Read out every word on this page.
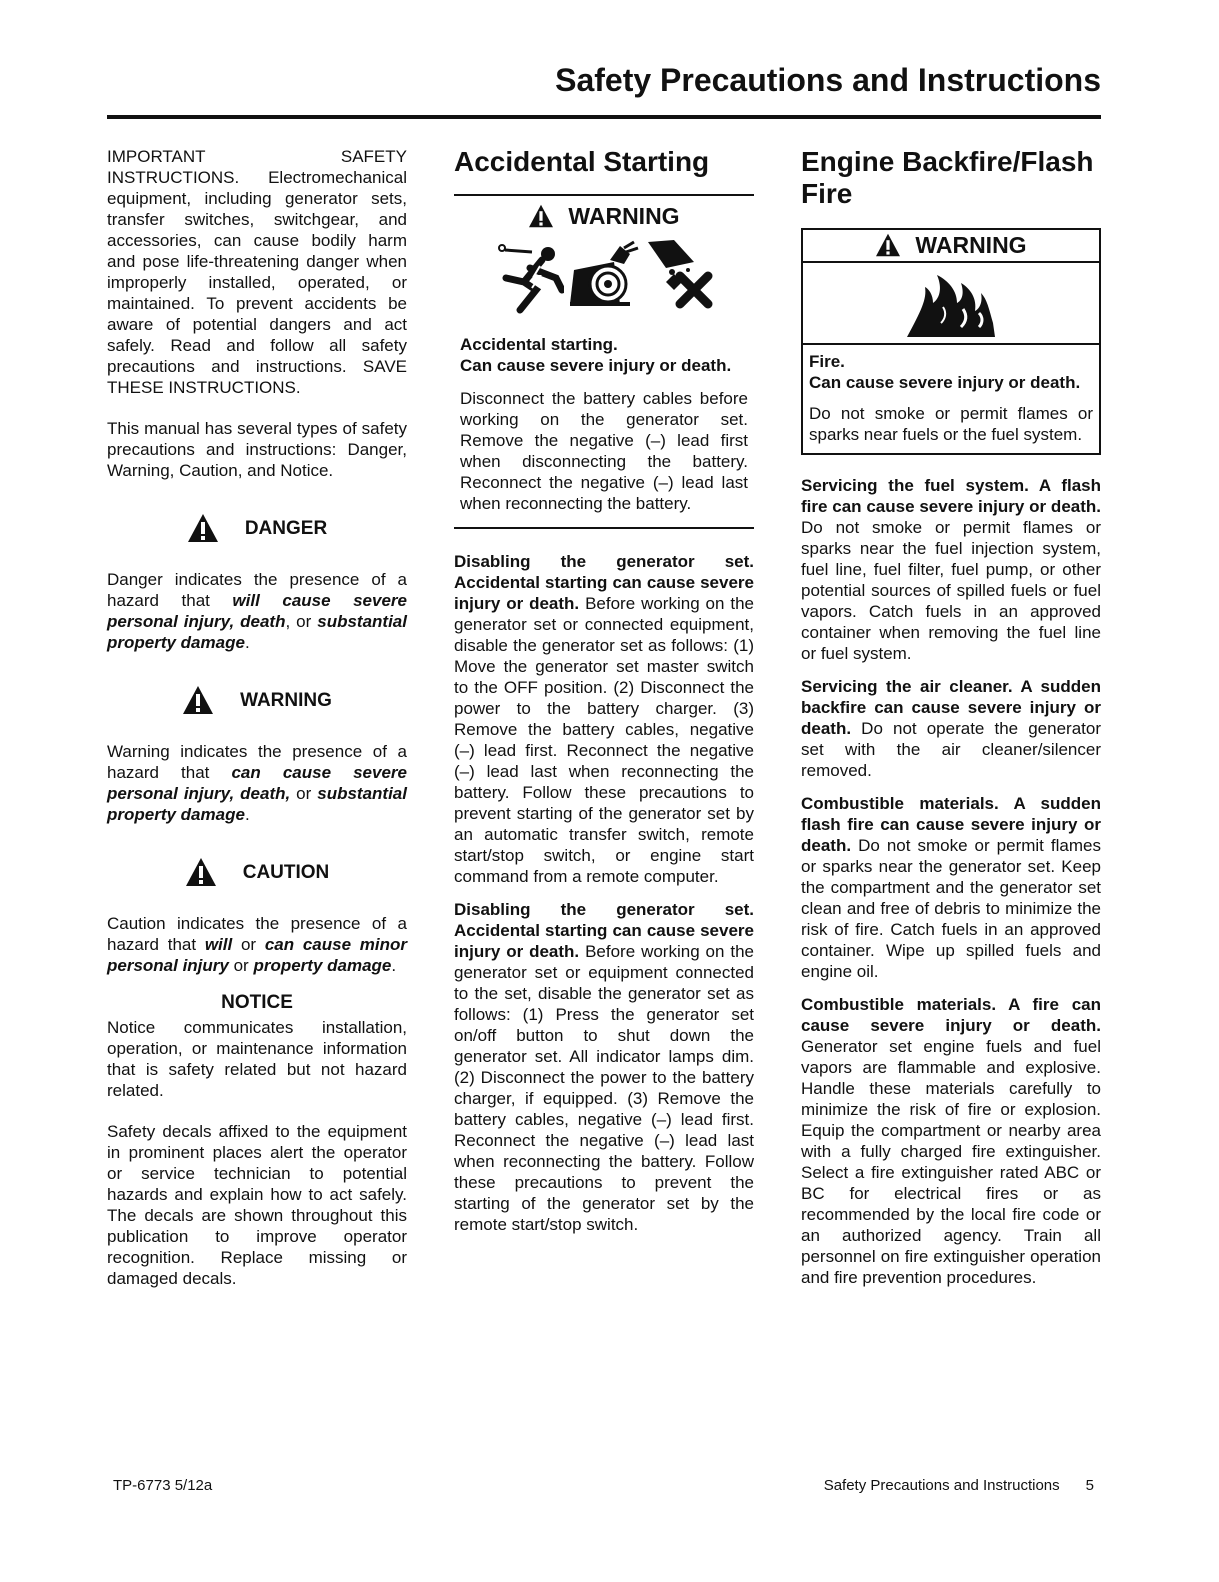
Safety Precautions and Instructions

IMPORTANT SAFETY INSTRUCTIONS. Electromechanical equipment, including generator sets, transfer switches, switchgear, and accessories, can cause bodily harm and pose life-threatening danger when improperly installed, operated, or maintained. To prevent accidents be aware of potential dangers and act safely. Read and follow all safety precautions and instructions. SAVE THESE INSTRUCTIONS.

This manual has several types of safety precautions and instructions: Danger, Warning, Caution, and Notice.

DANGER

Danger indicates the presence of a hazard that will cause severe personal injury, death, or substantial property damage.

WARNING

Warning indicates the presence of a hazard that can cause severe personal injury, death, or substantial property damage.

CAUTION

Caution indicates the presence of a hazard that will or can cause minor personal injury or property damage.

NOTICE

Notice communicates installation, operation, or maintenance information that is safety related but not hazard related.

Safety decals affixed to the equipment in prominent places alert the operator or service technician to potential hazards and explain how to act safely. The decals are shown throughout this publication to improve operator recognition. Replace missing or damaged decals.

Accidental Starting
WARNING
Accidental starting.
Can cause severe injury or death.

Disconnect the battery cables before working on the generator set. Remove the negative (–) lead first when disconnecting the battery. Reconnect the negative (–) lead last when reconnecting the battery.

Disabling the generator set. Accidental starting can cause severe injury or death. Before working on the generator set or connected equipment, disable the generator set as follows: (1) Move the generator set master switch to the OFF position. (2) Disconnect the power to the battery charger. (3) Remove the battery cables, negative (–) lead first. Reconnect the negative (–) lead last when reconnecting the battery. Follow these precautions to prevent starting of the generator set by an automatic transfer switch, remote start/stop switch, or engine start command from a remote computer.

Disabling the generator set. Accidental starting can cause severe injury or death. Before working on the generator set or equipment connected to the set, disable the generator set as follows: (1) Press the generator set on/off button to shut down the generator set. All indicator lamps dim. (2) Disconnect the power to the battery charger, if equipped. (3) Remove the battery cables, negative (–) lead first. Reconnect the negative (–) lead last when reconnecting the battery. Follow these precautions to prevent the starting of the generator set by the remote start/stop switch.

Engine Backfire/Flash Fire
WARNING
Fire.
Can cause severe injury or death.

Do not smoke or permit flames or sparks near fuels or the fuel system.

Servicing the fuel system. A flash fire can cause severe injury or death. Do not smoke or permit flames or sparks near the fuel injection system, fuel line, fuel filter, fuel pump, or other potential sources of spilled fuels or fuel vapors. Catch fuels in an approved container when removing the fuel line or fuel system.

Servicing the air cleaner. A sudden backfire can cause severe injury or death. Do not operate the generator set with the air cleaner/silencer removed.

Combustible materials. A sudden flash fire can cause severe injury or death. Do not smoke or permit flames or sparks near the generator set. Keep the compartment and the generator set clean and free of debris to minimize the risk of fire. Catch fuels in an approved container. Wipe up spilled fuels and engine oil.

Combustible materials. A fire can cause severe injury or death. Generator set engine fuels and fuel vapors are flammable and explosive. Handle these materials carefully to minimize the risk of fire or explosion. Equip the compartment or nearby area with a fully charged fire extinguisher. Select a fire extinguisher rated ABC or BC for electrical fires or as recommended by the local fire code or an authorized agency. Train all personnel on fire extinguisher operation and fire prevention procedures.

TP-6773 5/12a	Safety Precautions and Instructions 5
